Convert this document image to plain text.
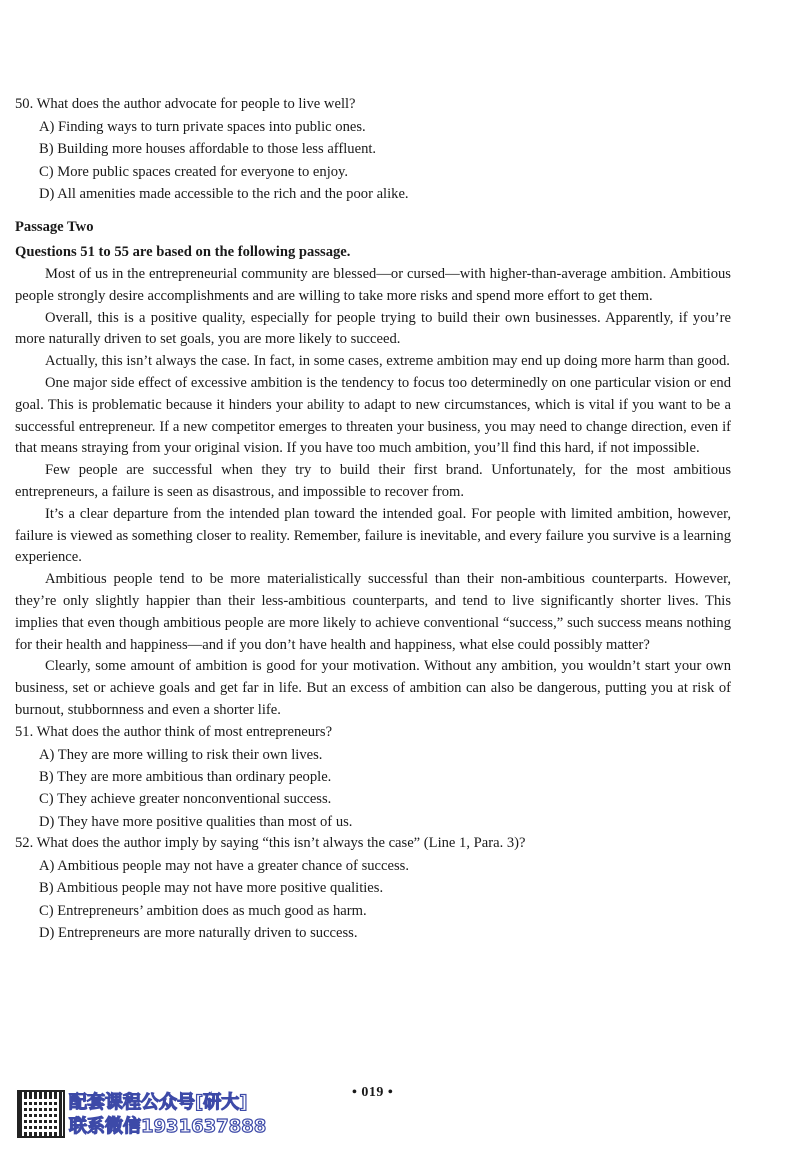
50. What does the author advocate for people to live well?

A) Finding ways to turn private spaces into public ones.

B) Building more houses affordable to those less affluent.

C) More public spaces created for everyone to enjoy.

D) All amenities made accessible to the rich and the poor alike.

Passage Two

Questions 51 to 55 are based on the following passage.

Most of us in the entrepreneurial community are blessed—or cursed—with higher-than-average ambition. Ambitious people strongly desire accomplishments and are willing to take more risks and spend more effort to get them.

Overall, this is a positive quality, especially for people trying to build their own businesses. Apparently, if you’re more naturally driven to set goals, you are more likely to succeed.

Actually, this isn’t always the case. In fact, in some cases, extreme ambition may end up doing more harm than good.

One major side effect of excessive ambition is the tendency to focus too determinedly on one particular vision or end goal. This is problematic because it hinders your ability to adapt to new circumstances, which is vital if you want to be a successful entrepreneur. If a new competitor emerges to threaten your business, you may need to change direction, even if that means straying from your original vision. If you have too much ambition, you’ll find this hard, if not impossible.

Few people are successful when they try to build their first brand. Unfortunately, for the most ambitious entrepreneurs, a failure is seen as disastrous, and impossible to recover from.

It’s a clear departure from the intended plan toward the intended goal. For people with limited ambition, however, failure is viewed as something closer to reality. Remember, failure is inevitable, and every failure you survive is a learning experience.

Ambitious people tend to be more materialistically successful than their non-ambitious counterparts. However, they’re only slightly happier than their less-ambitious counterparts, and tend to live significantly shorter lives. This implies that even though ambitious people are more likely to achieve conventional “success,” such success means nothing for their health and happiness—and if you don’t have health and happiness, what else could possibly matter?

Clearly, some amount of ambition is good for your motivation. Without any ambition, you wouldn’t start your own business, set or achieve goals and get far in life. But an excess of ambition can also be dangerous, putting you at risk of burnout, stubbornness and even a shorter life.

51. What does the author think of most entrepreneurs?

A) They are more willing to risk their own lives.

B) They are more ambitious than ordinary people.

C) They achieve greater nonconventional success.

D) They have more positive qualities than most of us.

52. What does the author imply by saying “this isn’t always the case” (Line 1, Para. 3)?

A) Ambitious people may not have a greater chance of success.

B) Ambitious people may not have more positive qualities.

C) Entrepreneurs’ ambition does as much good as harm.

D) Entrepreneurs are more naturally driven to success.

• 019 •
配套课程公众号[研大]
联系微信1931637888
